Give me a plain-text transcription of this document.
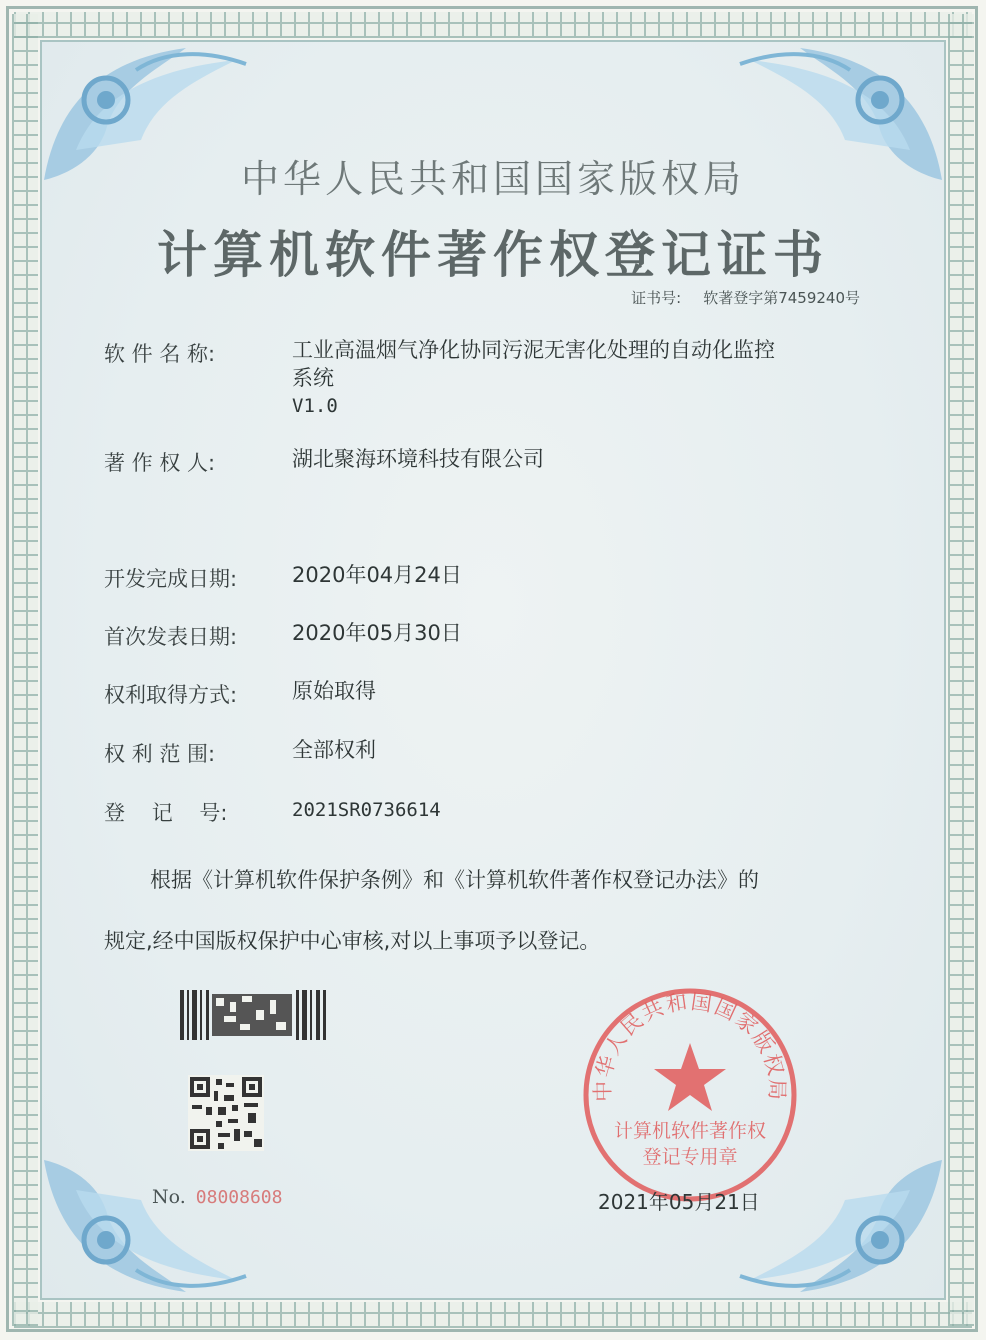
中华人民共和国国家版权局
计算机软件著作权登记证书
证书号: 软著登字第7459240号
软 件 名 称:	工业高温烟气净化协同污泥无害化处理的自动化监控
系统
V1.0
著 作 权 人:	湖北聚海环境科技有限公司
开发完成日期:	2020年04月24日
首次发表日期:	2020年05月30日
权利取得方式:	原始取得
权 利 范 围:	全部权利
登    记    号:	2021SR0736614
根据《计算机软件保护条例》和《计算机软件著作权登记办法》的
规定,经中国版权保护中心审核,对以上事项予以登记。
No. 08008608
中华人民共和国国家版权局
计算机软件著作权
登记专用章
2021年05月21日
